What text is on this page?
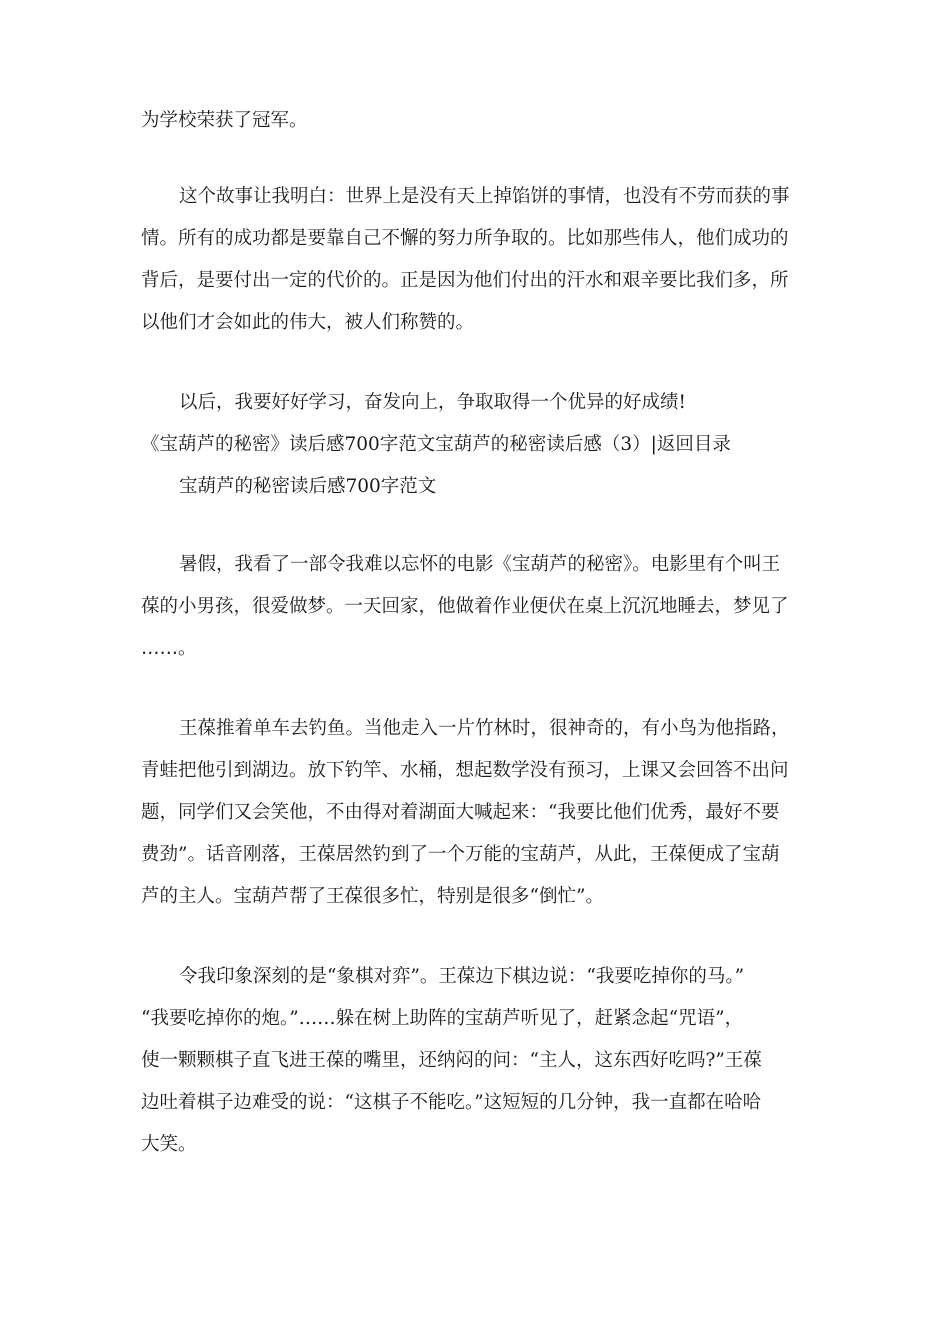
为学校荣获了冠军。
这个故事让我明白：世界上是没有天上掉馅饼的事情，也没有不劳而获的事
情。所有的成功都是要靠自己不懈的努力所争取的。比如那些伟人，他们成功的
背后，是要付出一定的代价的。正是因为他们付出的汗水和艰辛要比我们多，所
以他们才会如此的伟大，被人们称赞的。
以后，我要好好学习，奋发向上，争取取得一个优异的好成绩!
《宝葫芦的秘密》读后感700字范文宝葫芦的秘密读后感（3）|返回目录
宝葫芦的秘密读后感700字范文
暑假，我看了一部令我难以忘怀的电影《宝葫芦的秘密》。电影里有个叫王
葆的小男孩，很爱做梦。一天回家，他做着作业便伏在桌上沉沉地睡去，梦见了
……。
王葆推着单车去钓鱼。当他走入一片竹林时，很神奇的，有小鸟为他指路，
青蛙把他引到湖边。放下钓竿、水桶，想起数学没有预习，上课又会回答不出问
题，同学们又会笑他，不由得对着湖面大喊起来：“我要比他们优秀，最好不要
费劲”。话音刚落，王葆居然钓到了一个万能的宝葫芦，从此，王葆便成了宝葫
芦的主人。宝葫芦帮了王葆很多忙，特别是很多“倒忙”。
令我印象深刻的是“象棋对弈”。王葆边下棋边说：“我要吃掉你的马。”
“我要吃掉你的炮。”……躲在树上助阵的宝葫芦听见了，赶紧念起“咒语”，
使一颗颗棋子直飞进王葆的嘴里，还纳闷的问：“主人，这东西好吃吗?”王葆
边吐着棋子边难受的说：“这棋子不能吃。”这短短的几分钟，我一直都在哈哈
大笑。
